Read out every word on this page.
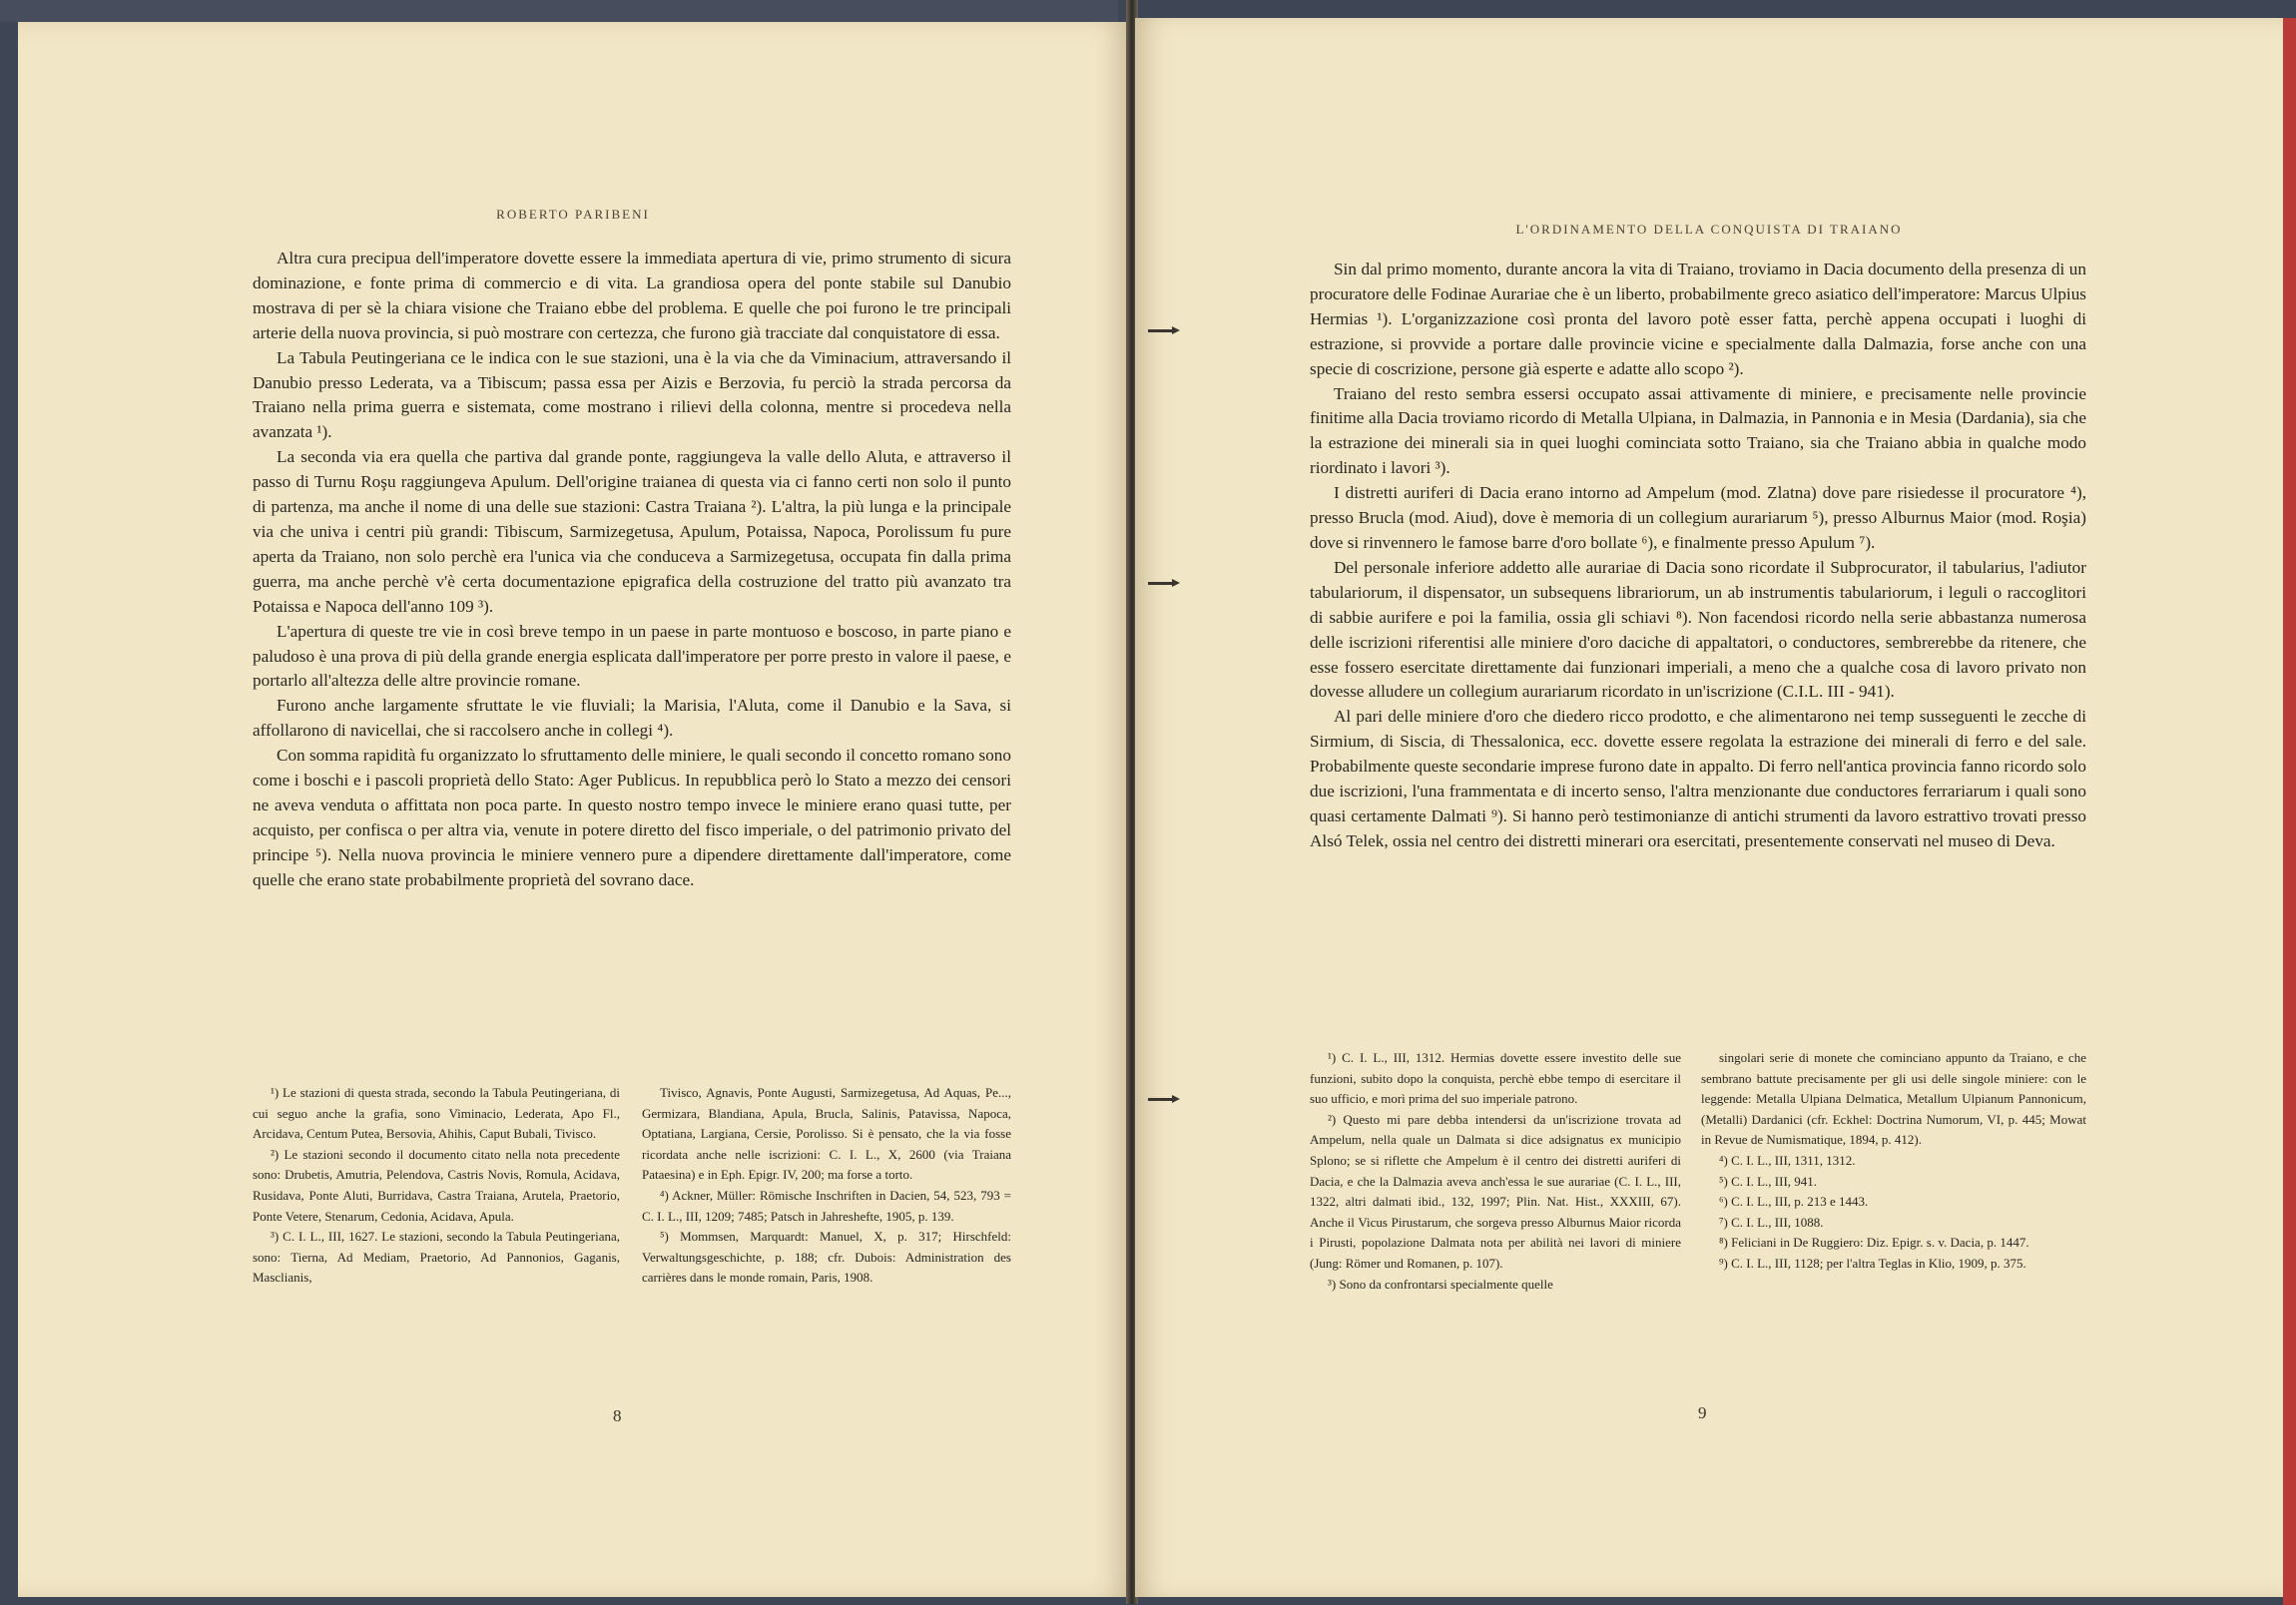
ROBERTO PARIBENI

Altra cura precipua dell'imperatore dovette essere la immediata apertura di vie, primo strumento di sicura dominazione, e fonte prima di commercio e di vita. La grandiosa opera del ponte stabile sul Danubio mostrava di per sè la chiara visione che Traiano ebbe del problema. E quelle che poi furono le tre principali arterie della nuova provincia, si può mostrare con certezza, che furono già tracciate dal conquistatore di essa.

La Tabula Peutingeriana ce le indica con le sue stazioni, una è la via che da Viminacium, attraversando il Danubio presso Lederata, va a Tibiscum; passa essa per Aizis e Berzovia, fu perciò la strada percorsa da Traiano nella prima guerra e sistemata, come mostrano i rilievi della colonna, mentre si procedeva nella avanzata ¹).

La seconda via era quella che partiva dal grande ponte, raggiungeva la valle dello Aluta, e attraverso il passo di Turnu Roşu raggiungeva Apulum. Dell'origine traianea di questa via ci fanno certi non solo il punto di partenza, ma anche il nome di una delle sue stazioni: Castra Traiana ²). L'altra, la più lunga e la principale via che univa i centri più grandi: Tibiscum, Sarmizegetusa, Apulum, Potaissa, Napoca, Porolissum fu pure aperta da Traiano, non solo perchè era l'unica via che conduceva a Sarmizegetusa, occupata fin dalla prima guerra, ma anche perchè v'è certa documentazione epigrafica della costruzione del tratto più avanzato tra Potaissa e Napoca dell'anno 109 ³).

L'apertura di queste tre vie in così breve tempo in un paese in parte montuoso e boscoso, in parte piano e paludoso è una prova di più della grande energia esplicata dall'imperatore per porre presto in valore il paese, e portarlo all'altezza delle altre provincie romane.

Furono anche largamente sfruttate le vie fluviali; la Marisia, l'Aluta, come il Danubio e la Sava, si affollarono di navicellai, che si raccolsero anche in collegi ⁴).

Con somma rapidità fu organizzato lo sfruttamento delle miniere, le quali secondo il concetto romano sono come i boschi e i pascoli proprietà dello Stato: Ager Publicus. In repubblica però lo Stato a mezzo dei censori ne aveva venduta o affittata non poca parte. In questo nostro tempo invece le miniere erano quasi tutte, per acquisto, per confisca o per altra via, venute in potere diretto del fisco imperiale, o del patrimonio privato del principe ⁵). Nella nuova provincia le miniere vennero pure a dipendere direttamente dall'imperatore, come quelle che erano state probabilmente proprietà del sovrano dace.

¹) Le stazioni di questa strada, secondo la Tabula Peutingeriana, di cui seguo anche la grafia, sono Viminacio, Lederata, Apo Fl., Arcidava, Centum Putea, Bersovia, Ahihis, Caput Bubali, Tivisco.

²) Le stazioni secondo il documento citato nella nota precedente sono: Drubetis, Amutria, Pelendova, Castris Novis, Romula, Acidava, Rusidava, Ponte Aluti, Burridava, Castra Traiana, Arutela, Praetorio, Ponte Vetere, Stenarum, Cedonia, Acidava, Apula.

³) C. I. L., III, 1627. Le stazioni, secondo la Tabula Peutingeriana, sono: Tierna, Ad Mediam, Praetorio, Ad Pannonios, Gaganis, Masclianis,

Tivisco, Agnavis, Ponte Augusti, Sarmizegetusa, Ad Aquas, Pe..., Germizara, Blandiana, Apula, Brucla, Salinis, Patavissa, Napoca, Optatiana, Largiana, Cersie, Porolisso. Si è pensato, che la via fosse ricordata anche nelle iscrizioni: C. I. L., X, 2600 (via Traiana Pataesina) e in Eph. Epigr. IV, 200; ma forse a torto.

⁴) Ackner, Müller: Römische Inschriften in Dacien, 54, 523, 793 = C. I. L., III, 1209; 7485; Patsch in Jahreshefte, 1905, p. 139.

⁵) Mommsen, Marquardt: Manuel, X, p. 317; Hirschfeld: Verwaltungsgeschichte, p. 188; cfr. Dubois: Administration des carrières dans le monde romain, Paris, 1908.

8
L'ORDINAMENTO DELLA CONQUISTA DI TRAIANO

Sin dal primo momento, durante ancora la vita di Traiano, troviamo in Dacia documento della presenza di un procuratore delle Fodinae Aurariae che è un liberto, probabilmente greco asiatico dell'imperatore: Marcus Ulpius Hermias ¹). L'organizzazione così pronta del lavoro potè esser fatta, perchè appena occupati i luoghi di estrazione, si provvide a portare dalle provincie vicine e specialmente dalla Dalmazia, forse anche con una specie di coscrizione, persone già esperte e adatte allo scopo ²).

Traiano del resto sembra essersi occupato assai attivamente di miniere, e precisamente nelle provincie finitime alla Dacia troviamo ricordo di Metalla Ulpiana, in Dalmazia, in Pannonia e in Mesia (Dardania), sia che la estrazione dei minerali sia in quei luoghi cominciata sotto Traiano, sia che Traiano abbia in qualche modo riordinato i lavori ³).

I distretti auriferi di Dacia erano intorno ad Ampelum (mod. Zlatna) dove pare risiedesse il procuratore ⁴), presso Brucla (mod. Aiud), dove è memoria di un collegium aurariarum ⁵), presso Alburnus Maior (mod. Roşia) dove si rinvennero le famose barre d'oro bollate ⁶), e finalmente presso Apulum ⁷).

Del personale inferiore addetto alle aurariae di Dacia sono ricordate il Subprocurator, il tabularius, l'adiutor tabulariorum, il dispensator, un subsequens librariorum, un ab instrumentis tabulariorum, i leguli o raccoglitori di sabbie aurifere e poi la familia, ossia gli schiavi ⁸). Non facendosi ricordo nella serie abbastanza numerosa delle iscrizioni riferentisi alle miniere d'oro daciche di appaltatori, o conductores, sembrerebbe da ritenere, che esse fossero esercitate direttamente dai funzionari imperiali, a meno che a qualche cosa di lavoro privato non dovesse alludere un collegium aurariarum ricordato in un'iscrizione (C.I.L. III - 941).

Al pari delle miniere d'oro che diedero ricco prodotto, e che alimentarono nei temp susseguenti le zecche di Sirmium, di Siscia, di Thessalonica, ecc. dovette essere regolata la estrazione dei minerali di ferro e del sale. Probabilmente queste secondarie imprese furono date in appalto. Di ferro nell'antica provincia fanno ricordo solo due iscrizioni, l'una frammentata e di incerto senso, l'altra menzionante due conductores ferrariarum i quali sono quasi certamente Dalmati ⁹). Si hanno però testimonianze di antichi strumenti da lavoro estrattivo trovati presso Alsó Telek, ossia nel centro dei distretti minerari ora esercitati, presentemente conservati nel museo di Deva.

¹) C. I. L., III, 1312. Hermias dovette essere investito delle sue funzioni, subito dopo la conquista, perchè ebbe tempo di esercitare il suo ufficio, e morì prima del suo imperiale patrono.

²) Questo mi pare debba intendersi da un'iscrizione trovata ad Ampelum, nella quale un Dalmata si dice adsignatus ex municipio Splono; se si riflette che Ampelum è il centro dei distretti auriferi di Dacia, e che la Dalmazia aveva anch'essa le sue aurariae (C. I. L., III, 1322, altri dalmati ibid., 132, 1997; Plin. Nat. Hist., XXXIII, 67). Anche il Vicus Pirustarum, che sorgeva presso Alburnus Maior ricorda i Pirusti, popolazione Dalmata nota per abilità nei lavori di miniere (Jung: Römer und Romanen, p. 107).

³) Sono da confrontarsi specialmente quelle

singolari serie di monete che cominciano appunto da Traiano, e che sembrano battute precisamente per gli usi delle singole miniere: con le leggende: Metalla Ulpiana Delmatica, Metallum Ulpianum Pannonicum, (Metalli) Dardanici (cfr. Eckhel: Doctrina Numorum, VI, p. 445; Mowat in Revue de Numismatique, 1894, p. 412).

⁴) C. I. L., III, 1311, 1312.

⁵) C. I. L., III, 941.

⁶) C. I. L., III, p. 213 e 1443.

⁷) C. I. L., III, 1088.

⁸) Feliciani in De Ruggiero: Diz. Epigr. s. v. Dacia, p. 1447.

⁹) C. I. L., III, 1128; per l'altra Teglas in Klio, 1909, p. 375.

9
